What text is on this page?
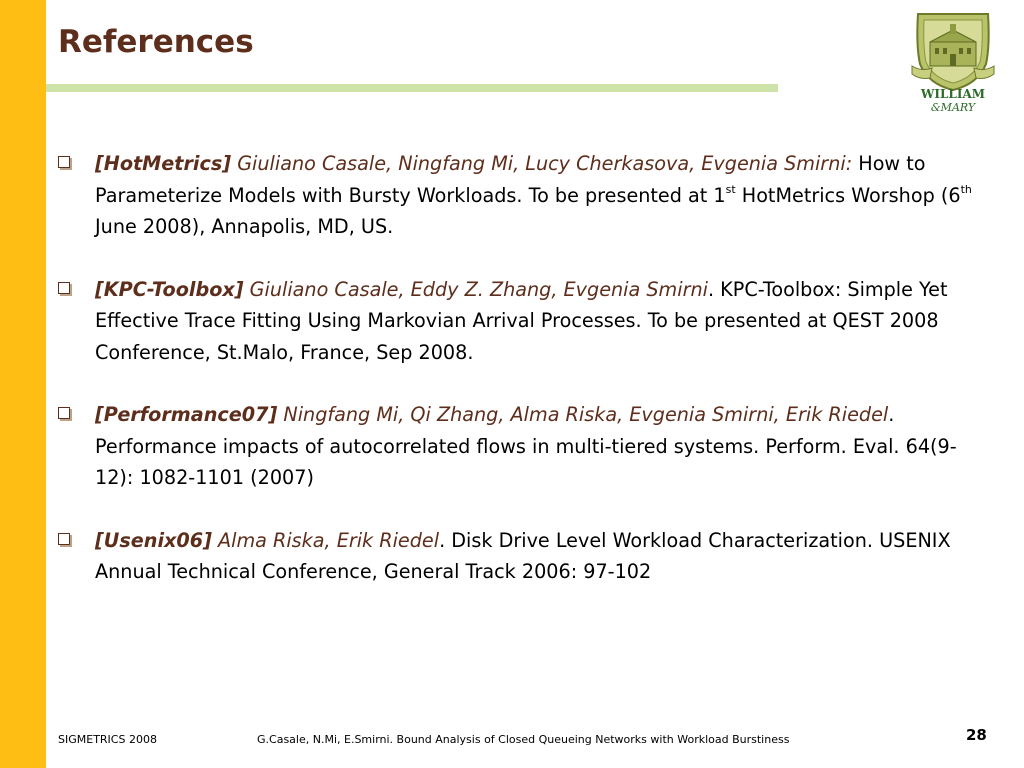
References
WILLIAM
&MARY
[HotMetrics] Giuliano Casale, Ningfang Mi, Lucy Cherkasova, Evgenia Smirni: How to Parameterize Models with Bursty Workloads. To be presented at 1st HotMetrics Worshop (6th June 2008), Annapolis, MD, US.
[KPC-Toolbox] Giuliano Casale, Eddy Z. Zhang, Evgenia Smirni. KPC-Toolbox: Simple Yet Effective Trace Fitting Using Markovian Arrival Processes. To be presented at QEST 2008 Conference, St.Malo, France, Sep 2008.
[Performance07] Ningfang Mi, Qi Zhang, Alma Riska, Evgenia Smirni, Erik Riedel. Performance impacts of autocorrelated flows in multi-tiered systems. Perform. Eval. 64(9-12): 1082-1101 (2007)
[Usenix06] Alma Riska, Erik Riedel. Disk Drive Level Workload Characterization. USENIX Annual Technical Conference, General Track 2006: 97-102
SIGMETRICS 2008	G.Casale, N.Mi, E.Smirni. Bound Analysis of Closed Queueing Networks with Workload Burstiness	28
